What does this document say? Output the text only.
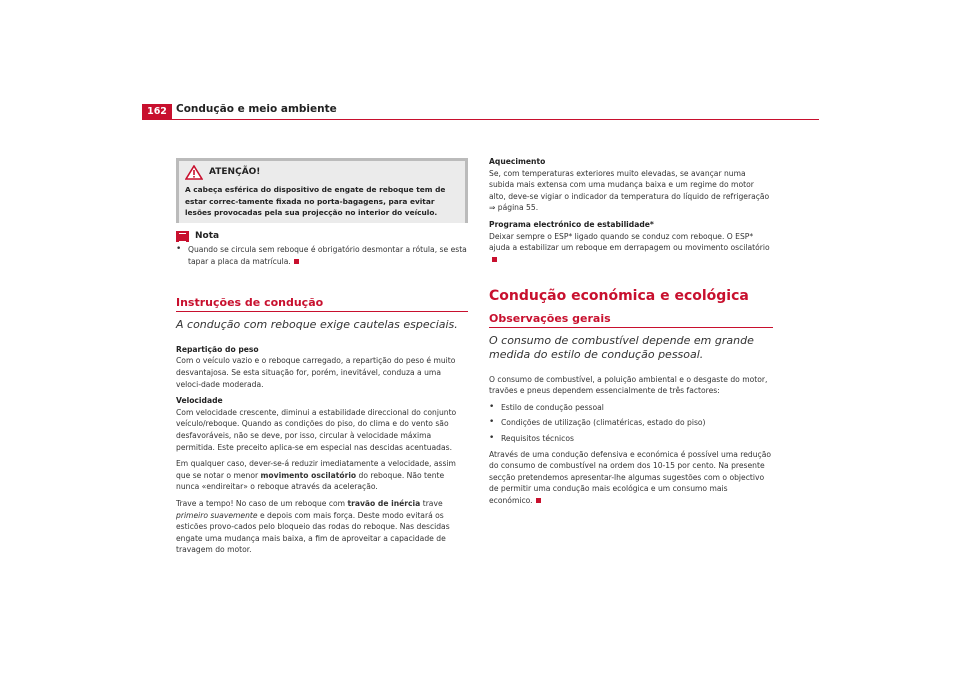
162 Condução e meio ambiente
ATENÇÃO!
A cabeça esférica do dispositivo de engate de reboque tem de estar correc-tamente fixada no porta-bagagens, para evitar lesões provocadas pela sua projecção no interior do veículo.
Nota
• Quando se circula sem reboque é obrigatório desmontar a rótula, se esta tapar a placa da matrícula.
Instruções de condução
A condução com reboque exige cautelas especiais.

Repartição do peso

Com o veículo vazio e o reboque carregado, a repartição do peso é muito desvantajosa. Se esta situação for, porém, inevitável, conduza a uma veloci-dade moderada.

Velocidade

Com velocidade crescente, diminui a estabilidade direccional do conjunto veículo/reboque. Quando as condições do piso, do clima e do vento são desfavoráveis, não se deve, por isso, circular à velocidade máxima permitida. Este preceito aplica-se em especial nas descidas acentuadas.

Em qualquer caso, dever-se-á reduzir imediatamente a velocidade, assim que se notar o menor movimento oscilatório do reboque. Não tente nunca «endireitar» o reboque através da aceleração.

Trave a tempo! No caso de um reboque com travão de inércia trave primeiro suavemente e depois com mais força. Deste modo evitará os esticões provo-cados pelo bloqueio das rodas do reboque. Nas descidas engate uma mudança mais baixa, a fim de aproveitar a capacidade de travagem do motor.

Aquecimento

Se, com temperaturas exteriores muito elevadas, se avançar numa subida mais extensa com uma mudança baixa e um regime do motor alto, deve-se vigiar o indicador da temperatura do líquido de refrigeração ⇒ página 55.

Programa electrónico de estabilidade*

Deixar sempre o ESP* ligado quando se conduz com reboque. O ESP* ajuda a estabilizar um reboque em derrapagem ou movimento oscilatório

Condução económica e ecológica
Observações gerais
O consumo de combustível depende em grande medida do estilo de condução pessoal.

O consumo de combustível, a poluição ambiental e o desgaste do motor, travões e pneus dependem essencialmente de três factores:

• Estilo de condução pessoal
• Condições de utilização (climatéricas, estado do piso)
• Requisitos técnicos

Através de uma condução defensiva e económica é possível uma redução do consumo de combustível na ordem dos 10-15 por cento. Na presente secção pretendemos apresentar-lhe algumas sugestões com o objectivo de permitir uma condução mais ecológica e um consumo mais económico.
